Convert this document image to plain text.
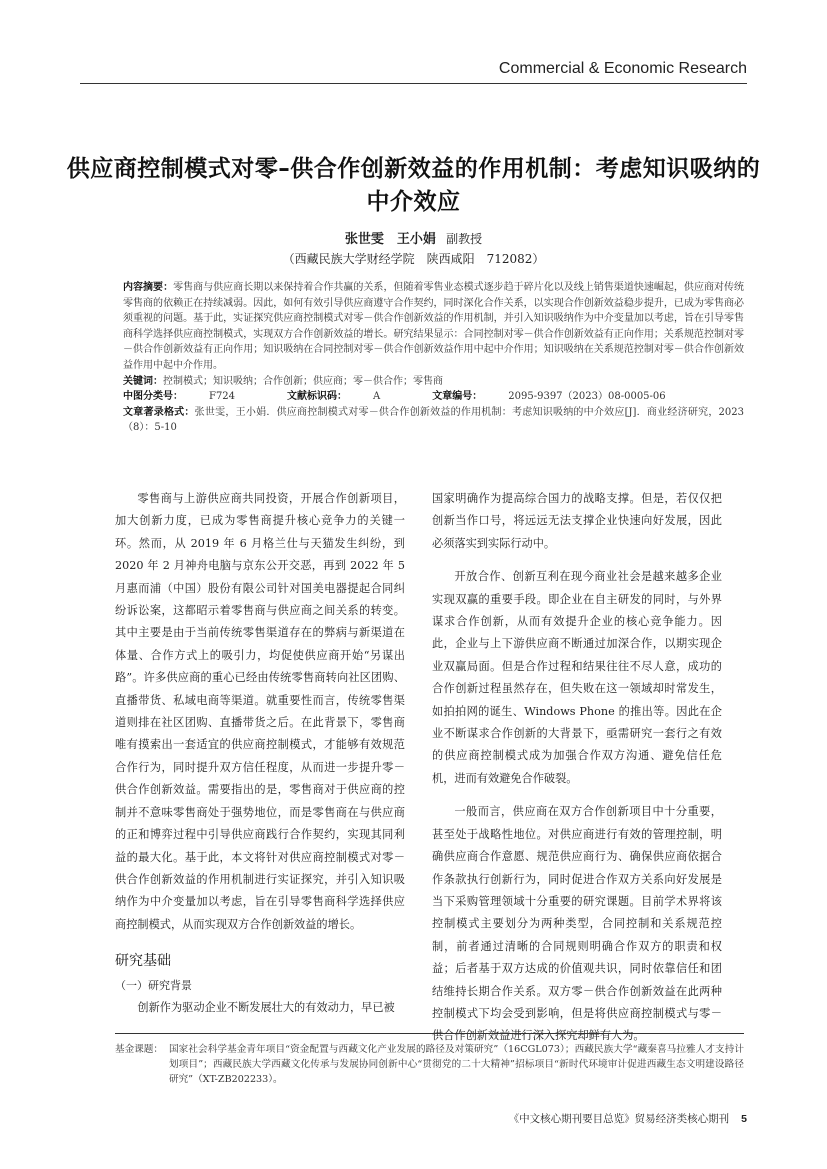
Commercial & Economic Research
供应商控制模式对零–供合作创新效益的作用机制：考虑知识吸纳的中介效应
张世雯　王小娟 副教授
（西藏民族大学财经学院　陕西咸阳　712082）

内容摘要：零售商与供应商长期以来保持着合作共赢的关系，但随着零售业态模式逐步趋于碎片化以及线上销售渠道快速崛起，供应商对传统零售商的依赖正在持续减弱。因此，如何有效引导供应商遵守合作契约，同时深化合作关系，以实现合作创新效益稳步提升，已成为零售商必须重视的问题。基于此，实证探究供应商控制模式对零－供合作创新效益的作用机制，并引入知识吸纳作为中介变量加以考虑，旨在引导零售商科学选择供应商控制模式，实现双方合作创新效益的增长。研究结果显示：合同控制对零－供合作创新效益有正向作用；关系规范控制对零－供合作创新效益有正向作用；知识吸纳在合同控制对零－供合作创新效益作用中起中介作用；知识吸纳在关系规范控制对零－供合作创新效益作用中起中介作用。

关键词：控制模式；知识吸纳；合作创新；供应商；零－供合作；零售商

中图分类号：	F724	文献标识码：	A	文章编号：	2095-9397（2023）08-0005-06

文章著录格式：张世雯，王小娟．供应商控制模式对零－供合作创新效益的作用机制：考虑知识吸纳的中介效应[J]．商业经济研究，2023（8）：5-10

零售商与上游供应商共同投资，开展合作创新项目，加大创新力度，已成为零售商提升核心竞争力的关键一环。然而，从 2019 年 6 月格兰仕与天猫发生纠纷，到 2020 年 2 月神舟电脑与京东公开交恶，再到 2022 年 5 月惠而浦（中国）股份有限公司针对国美电器提起合同纠纷诉讼案，这都昭示着零售商与供应商之间关系的转变。其中主要是由于当前传统零售渠道存在的弊病与新渠道在体量、合作方式上的吸引力，均促使供应商开始“另谋出路”。许多供应商的重心已经由传统零售商转向社区团购、直播带货、私域电商等渠道。就重要性而言，传统零售渠道则排在社区团购、直播带货之后。在此背景下，零售商唯有摸索出一套适宜的供应商控制模式，才能够有效规范合作行为，同时提升双方信任程度，从而进一步提升零－供合作创新效益。需要指出的是，零售商对于供应商的控制并不意味零售商处于强势地位，而是零售商在与供应商的正和博弈过程中引导供应商践行合作契约，实现其同利益的最大化。基于此，本文将针对供应商控制模式对零－供合作创新效益的作用机制进行实证探究，并引入知识吸纳作为中介变量加以考虑，旨在引导零售商科学选择供应商控制模式，从而实现双方合作创新效益的增长。

研究基础

（一）研究背景

创新作为驱动企业不断发展壮大的有效动力，早已被

国家明确作为提高综合国力的战略支撑。但是，若仅仅把创新当作口号，将远远无法支撑企业快速向好发展，因此必须落实到实际行动中。

开放合作、创新互利在现今商业社会是越来越多企业实现双赢的重要手段。即企业在自主研发的同时，与外界谋求合作创新，从而有效提升企业的核心竞争能力。因此，企业与上下游供应商不断通过加深合作，以期实现企业双赢局面。但是合作过程和结果往往不尽人意，成功的合作创新过程虽然存在，但失败在这一领域却时常发生，如拍拍网的诞生、Windows Phone 的推出等。因此在企业不断谋求合作创新的大背景下，亟需研究一套行之有效的供应商控制模式成为加强合作双方沟通、避免信任危机，进而有效避免合作破裂。

一般而言，供应商在双方合作创新项目中十分重要，甚至处于战略性地位。对供应商进行有效的管理控制，明确供应商合作意愿、规范供应商行为、确保供应商依据合作条款执行创新行为，同时促进合作双方关系向好发展是当下采购管理领域十分重要的研究课题。目前学术界将该控制模式主要划分为两种类型，合同控制和关系规范控制，前者通过清晰的合同规则明确合作双方的职责和权益；后者基于双方达成的价值观共识，同时依靠信任和团结维持长期合作关系。双方零－供合作创新效益在此两种控制模式下均会受到影响，但是将供应商控制模式与零－供合作创新效益进行深入探究却鲜有人为。

基金课题： 国家社会科学基金青年项目“资金配置与西藏文化产业发展的路径及对策研究”（16CGL073）；西藏民族大学“藏秦喜马拉雅人才支持计划项目”；西藏民族大学西藏文化传承与发展协同创新中心“贯彻党的二十大精神”招标项目“新时代环境审计促进西藏生态文明建设路径研究”（XT-ZB202233）。
《中文核心期刊要目总览》贸易经济类核心期刊 5
